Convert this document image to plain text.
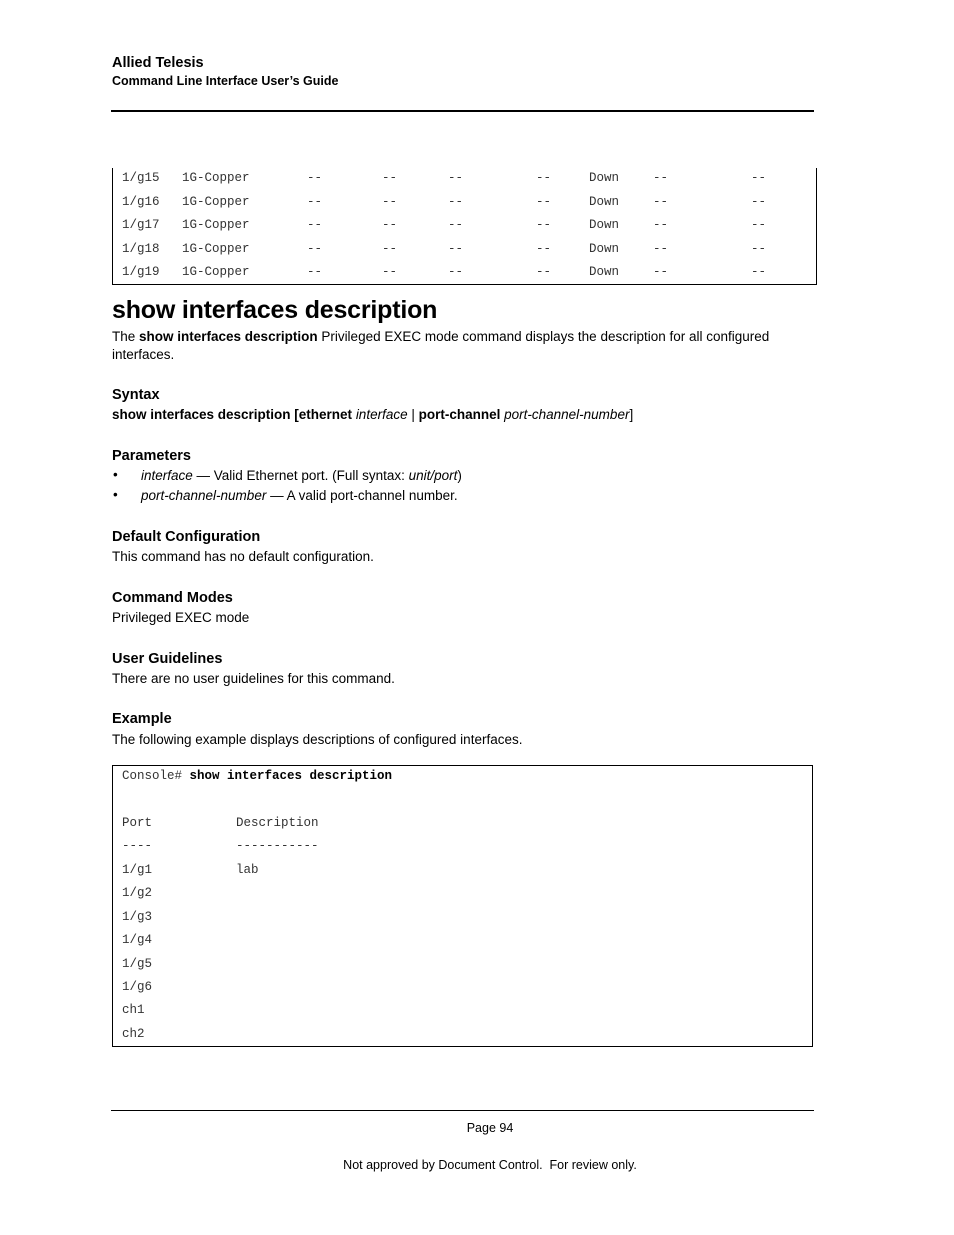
Allied Telesis
Command Line Interface User’s Guide
1/g15 1G-Copper	--	--	--	--	Down	--	--
1/g16 1G-Copper	--	--	--	--	Down	--	--
1/g17 1G-Copper	--	--	--	--	Down	--	--
1/g18 1G-Copper	--	--	--	--	Down	--	--
1/g19 1G-Copper	--	--	--	--	Down	--	--
show interfaces description
The show interfaces description Privileged EXEC mode command displays the description for all configured
interfaces.
Syntax
show interfaces description [ethernet interface | port-channel port-channel-number]
Parameters
• interface — Valid Ethernet port. (Full syntax: unit/port)
• port-channel-number — A valid port-channel number.
Default Configuration
This command has no default configuration.
Command Modes
Privileged EXEC mode
User Guidelines
There are no user guidelines for this command.
Example
The following example displays descriptions of configured interfaces.
Console# show interfaces description
Port	Description
----	-----------
1/g1	lab
1/g2
1/g3
1/g4
1/g5
1/g6
ch1
ch2
Page 94
Not approved by Document Control.  For review only.
